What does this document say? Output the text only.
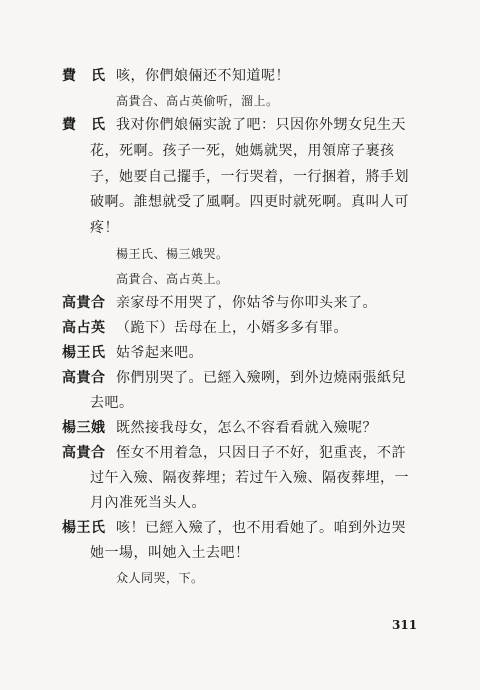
費　氏 咳，你們娘倆还不知道呢！
高貴合、高占英偷听，溜上。
費　氏 我对你們娘倆实說了吧：只因你外甥女兒生天
花，死啊。孩子一死，她媽就哭，用領席子裹孩
子，她要自己擺手，一行哭着，一行捆着，將手划
破啊。誰想就受了風啊。四更时就死啊。真叫人可
疼！
楊王氏、楊三娥哭。
高貴合、高占英上。
高貴合 亲家母不用哭了，你姑爷与你叩头来了。
高占英 （跪下）岳母在上，小婿多多有罪。
楊王氏 姑爷起来吧。
高貴合 你們別哭了。已經入殮咧，到外边燒兩張紙兒
去吧。
楊三娥 既然接我母女，怎么不容看看就入殮呢？
高貴合 侄女不用着急，只因日子不好，犯重丧，不許
过午入殮、隔夜葬埋；若过午入殮、隔夜葬埋，一
月內准死当头人。
楊王氏 咳！已經入殮了，也不用看她了。咱到外边哭
她一場，叫她入土去吧！
众人同哭，下。
311
